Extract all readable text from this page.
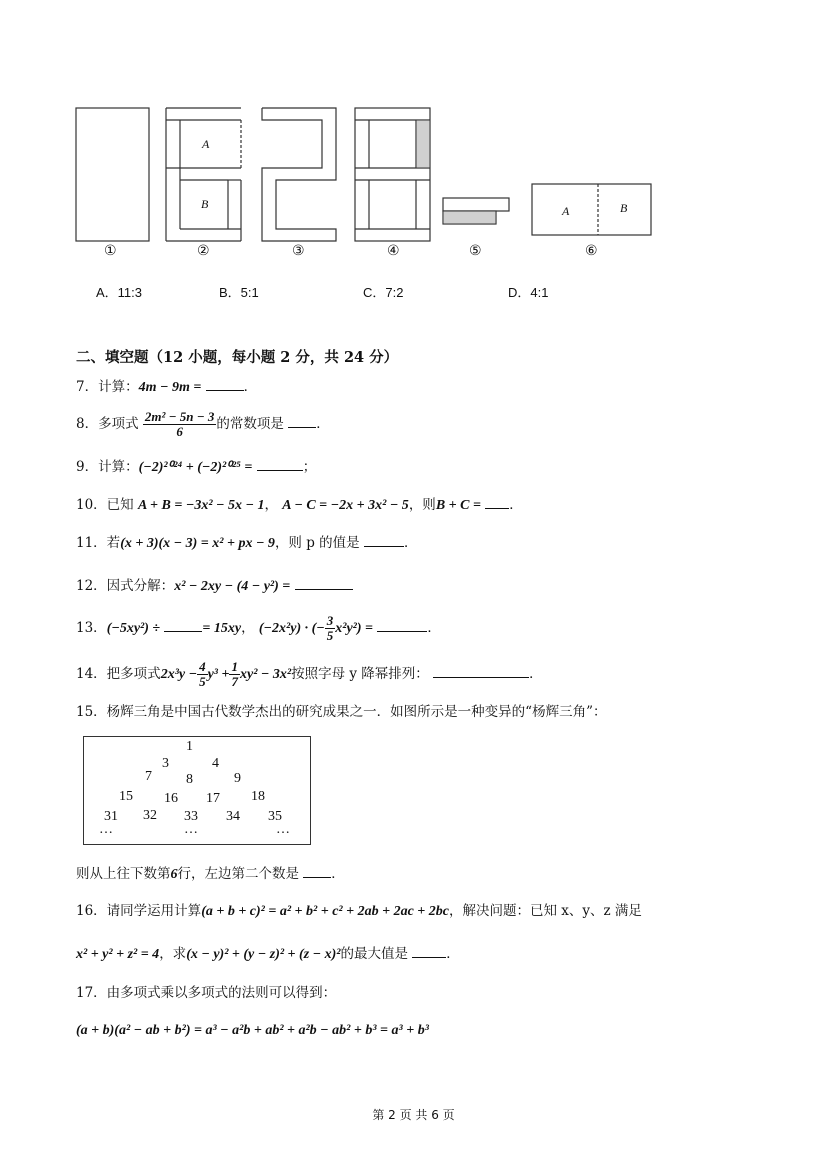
A
B	A	B
①	②	③	④	⑤	⑥
A．11:3	B．5:1	C．7:2	D．4:1
二、填空题（12 小题，每小题 2 分，共 24 分）
7．计算：4m − 9m =	．
8．多项式 $\frac{\text{2m² − 5n − 3}}{6}$ 的常数项是 ．
9．计算：(−2)²⁰²⁴ + (−2)²⁰²⁵ =	；
10．已知 A + B = −3x² − 5x − 1， A − C = −2x + 3x² − 5，则B + C = ．
11．若(x + 3)(x − 3) = x² + px − 9，则 p 的值是	．
12．因式分解：x² − 2xy − (4 − y²) =
13．(−5xy²) ÷	= 15xy， (−2x²y) · (− $\frac{3}{5} x^2y^2$) =	．
14．把多项式$2x^3y - \frac{4}{5} y^3 + \frac{1}{7} xy^2 - 3x^2$按照字母 y 降幂排列：	．
15．杨辉三角是中国古代数学杰出的研究成果之一．如图所示是一种变异的“杨辉三角”：
1
3	4
7 8	9
15 16 17 18
31 32 33 34 35
…	…	…
则从上往下数第6行，左边第二个数是 ．
16．请同学运用计算(a + b + c)² = a² + b² + c² + 2ab + 2ac + 2bc，解决问题：已知 x、y、z 满足
x² + y² + z² = 4，求(x − y)² + (y − z)² + (z − x)²的最大值是	．
17．由多项式乘以多项式的法则可以得到：
(a + b)(a² − ab + b²) = a³ − a²b + ab² + a²b − ab² + b³ = a³ + b³
第 2 页 共 6 页
